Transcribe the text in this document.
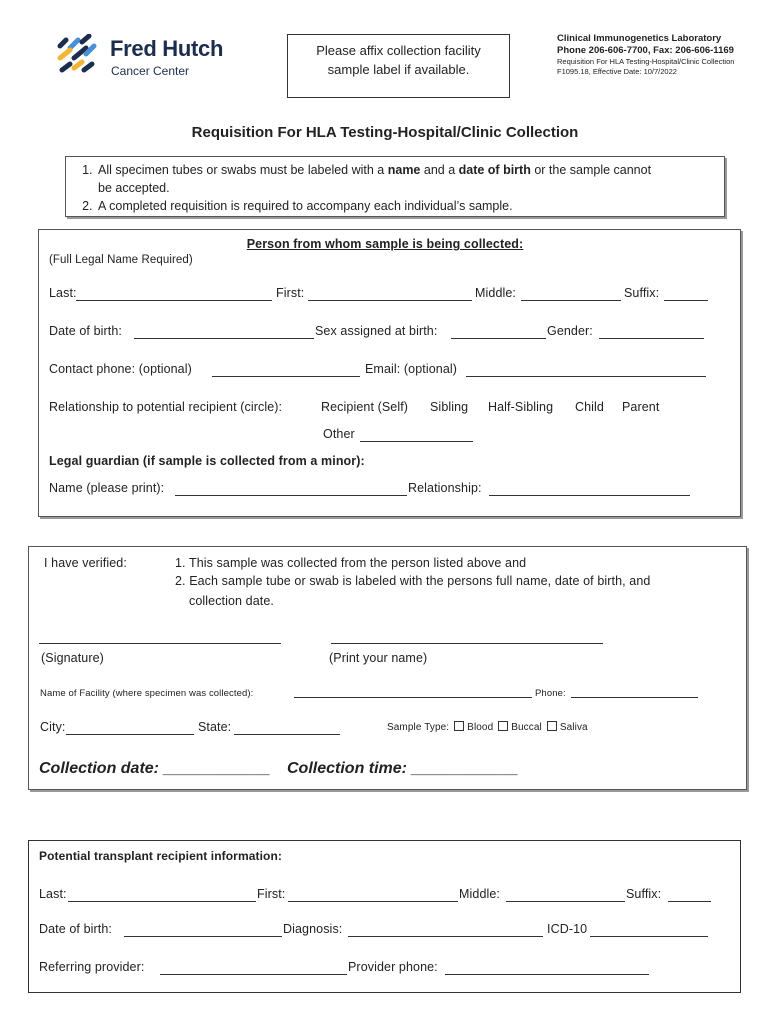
Fred Hutch
Cancer Center
Please affix collection facility
sample label if available.
Clinical Immunogenetics Laboratory
Phone 206-606-7700, Fax: 206-606-1169
Requisition For HLA Testing-Hospital/Clinic Collection
F1095.18, Effective Date: 10/7/2022
Requisition For HLA Testing-Hospital/Clinic Collection
1. All specimen tubes or swabs must be labeled with a name and a date of birth or the sample cannot
be accepted.
2. A completed requisition is required to accompany each individual’s sample.
Person from whom sample is being collected:
(Full Legal Name Required)
Last:	First:	Middle:	Suffix:
Date of birth:	Sex assigned at birth:	Gender:
Contact phone: (optional)	Email: (optional)
Relationship to potential recipient (circle):	Recipient (Self) Sibling Half-Sibling Child Parent
Other
Legal guardian (if sample is collected from a minor):
Name (please print):	Relationship:
I have verified:	1. This sample was collected from the person listed above and
2. Each sample tube or swab is labeled with the persons full name, date of birth, and
collection date.
(Signature)	(Print your name)
Name of Facility (where specimen was collected):	Phone:
City:	State:	Sample Type: Blood Buccal Saliva
Collection date: ____________ Collection time: ____________
Potential transplant recipient information:
Last:	First:	Middle:	Suffix:
Date of birth:	Diagnosis:	ICD-10
Referring provider:	Provider phone:
